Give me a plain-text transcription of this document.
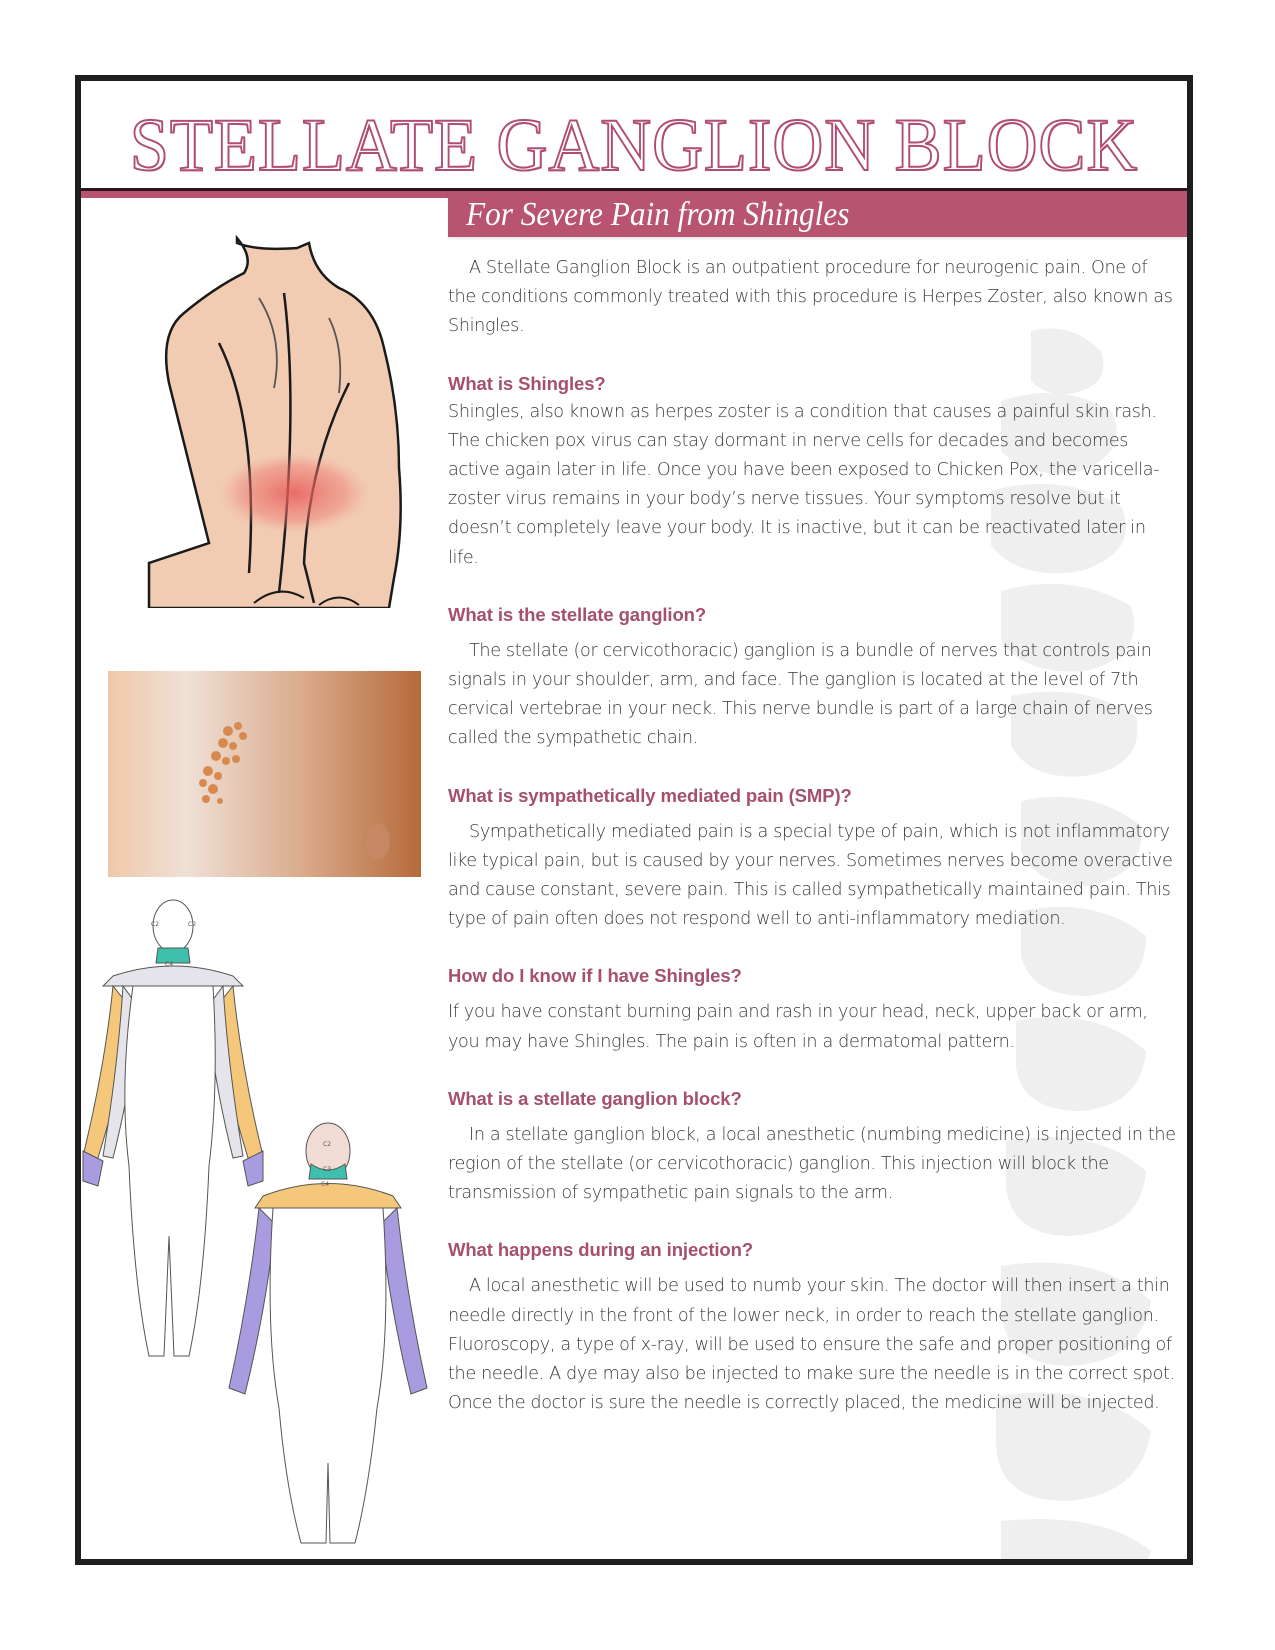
STELLATE GANGLION BLOCK
For Severe Pain from Shingles
C2	C2
C2
C3
C4
C4

A Stellate Ganglion Block is an outpatient procedure for neurogenic pain. One of the conditions commonly treated with this procedure is Herpes Zoster, also known as Shingles.

What is Shingles?

Shingles, also known as herpes zoster is a condition that causes a painful skin rash. The chicken pox virus can stay dormant in nerve cells for decades and becomes active again later in life. Once you have been exposed to Chicken Pox, the varicella-zoster virus remains in your body’s nerve tissues. Your symptoms resolve but it doesn’t completely leave your body. It is inactive, but it can be reactivated later in life.

What is the stellate ganglion?

The stellate (or cervicothoracic) ganglion is a bundle of nerves that controls pain signals in your shoulder, arm, and face. The ganglion is located at the level of 7th cervical vertebrae in your neck. This nerve bundle is part of a large chain of nerves called the sympathetic chain.

What is sympathetically mediated pain (SMP)?

Sympathetically mediated pain is a special type of pain, which is not inflammatory like typical pain, but is caused by your nerves. Sometimes nerves become overactive and cause constant, severe pain. This is called sympathetically maintained pain. This type of pain often does not respond well to anti-inflammatory mediation.

How do I know if I have Shingles?

If you have constant burning pain and rash in your head, neck, upper back or arm, you may have Shingles. The pain is often in a dermatomal pattern.

What is a stellate ganglion block?

In a stellate ganglion block, a local anesthetic (numbing medicine) is injected in the region of the stellate (or cervicothoracic) ganglion. This injection will block the transmission of sympathetic pain signals to the arm.

What happens during an injection?

A local anesthetic will be used to numb your skin. The doctor will then insert a thin needle directly in the front of the lower neck, in order to reach the stellate ganglion. Fluoroscopy, a type of x-ray, will be used to ensure the safe and proper positioning of the needle. A dye may also be injected to make sure the needle is in the correct spot. Once the doctor is sure the needle is correctly placed, the medicine will be injected.
